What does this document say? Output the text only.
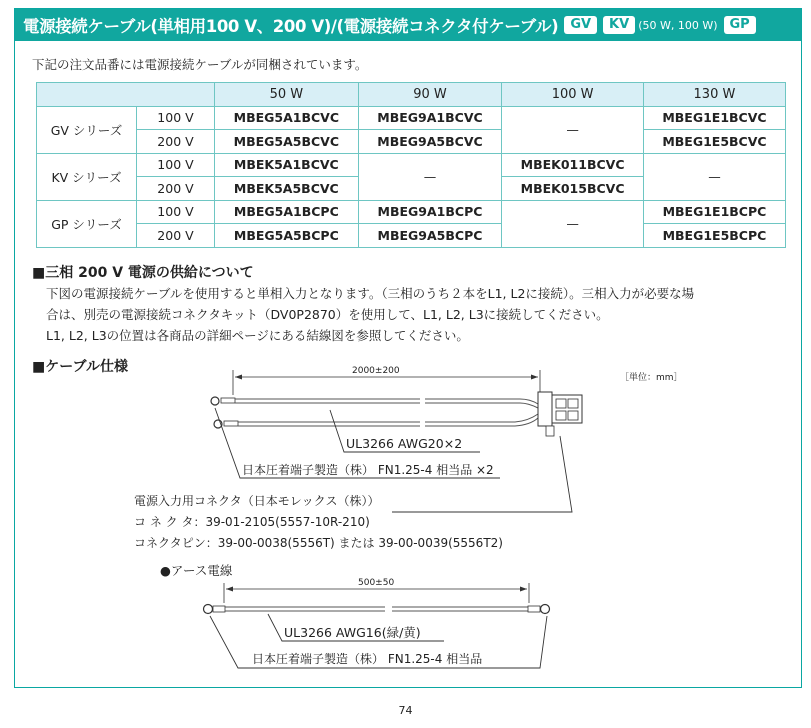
電源接続ケーブル(単相用100 V、200 V)/(電源接続コネクタ付ケーブル) GV	KV (50 W, 100 W) GP
下記の注文品番には電源接続ケーブルが同梱されています。
		50 W	90 W	100 W	130 W
GV シリーズ	100 V	MBEG5A1BCVC	MBEG9A1BCVC	—	MBEG1E1BCVC
	200 V	MBEG5A5BCVC	MBEG9A5BCVC		MBEG1E5BCVC
KV シリーズ	100 V	MBEK5A1BCVC	—	MBEK011BCVC	—
	200 V	MBEK5A5BCVC		MBEK015BCVC	
GP シリーズ	100 V	MBEG5A1BCPC	MBEG9A1BCPC	—	MBEG1E1BCPC
	200 V	MBEG5A5BCPC	MBEG9A5BCPC		MBEG1E5BCPC
■三相 200 V 電源の供給について
下図の電源接続ケーブルを使用すると単相入力となります。（三相のうち２本をL1, L2に接続）。三相入力が必要な場
合は、別売の電源接続コネクタキット（DV0P2870）を使用して、L1, L2, L3に接続してください。
L1, L2, L3の位置は各商品の詳細ページにある結線図を参照してください。
■ケーブル仕様
［単位：mm］
2000±200
UL3266 AWG20×2
日本圧着端子製造（株） FN1.25-4 相当品 ×2
電源入力用コネクタ（日本モレックス（株））
コ ネ ク タ：39-01-2105(5557-10R-210)
コネクタピン：39-00-0038(5556T) または 39-00-0039(5556T2)
●アース電線
500±50
UL3266 AWG16(緑/黄)
日本圧着端子製造（株） FN1.25-4 相当品
74
